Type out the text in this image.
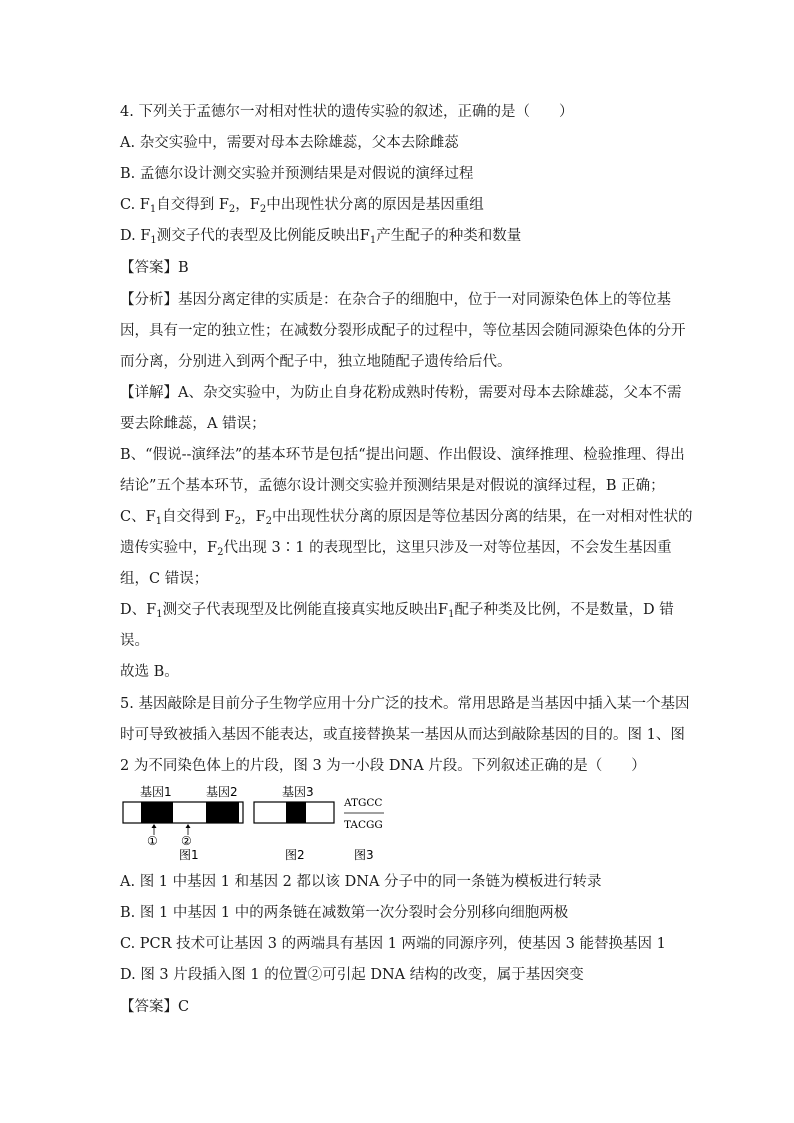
4. 下列关于孟德尔一对相对性状的遗传实验的叙述，正确的是（　　）
A. 杂交实验中，需要对母本去除雄蕊，父本去除雌蕊
B. 孟德尔设计测交实验并预测结果是对假说的演绎过程
C. $F_1$自交得到 $F_2$，$F_2$中出现性状分离的原因是基因重组
D. $F_1$测交子代的表型及比例能反映出$F_1$产生配子的种类和数量
【答案】B
【分析】基因分离定律的实质是：在杂合子的细胞中，位于一对同源染色体上的等位基
因，具有一定的独立性；在减数分裂形成配子的过程中，等位基因会随同源染色体的分开
而分离，分别进入到两个配子中，独立地随配子遗传给后代。
【详解】A、杂交实验中，为防止自身花粉成熟时传粉，需要对母本去除雄蕊，父本不需
要去除雌蕊，A 错误；
B、“假说--演绎法”的基本环节是包括“提出问题、作出假设、演绎推理、检验推理、得出
结论”五个基本环节，孟德尔设计测交实验并预测结果是对假说的演绎过程，B 正确；
C、$F_1$自交得到 $F_2$，$F_2$中出现性状分离的原因是等位基因分离的结果，在一对相对性状的
遗传实验中，$F_2$代出现 3∶1 的表现型比，这里只涉及一对等位基因，不会发生基因重
组，C 错误；
D、$F_1$测交子代表现型及比例能直接真实地反映出$F_1$配子种类及比例，不是数量，D 错
误。
故选 B。
5. 基因敲除是目前分子生物学应用十分广泛的技术。常用思路是当基因中插入某一个基因
时可导致被插入基因不能表达，或直接替换某一基因从而达到敲除基因的目的。图 1、图
2 为不同染色体上的片段，图 3 为一小段 DNA 片段。下列叙述正确的是（　　）
基因1	基因2
① ②
图1
基因3
图2
ATGCC
TACGG
图3
A. 图 1 中基因 1 和基因 2 都以该 DNA 分子中的同一条链为模板进行转录
B. 图 1 中基因 1 中的两条链在减数第一次分裂时会分别移向细胞两极
C. PCR 技术可让基因 3 的两端具有基因 1 两端的同源序列，使基因 3 能替换基因 1
D. 图 3 片段插入图 1 的位置②可引起 DNA 结构的改变，属于基因突变
【答案】C
